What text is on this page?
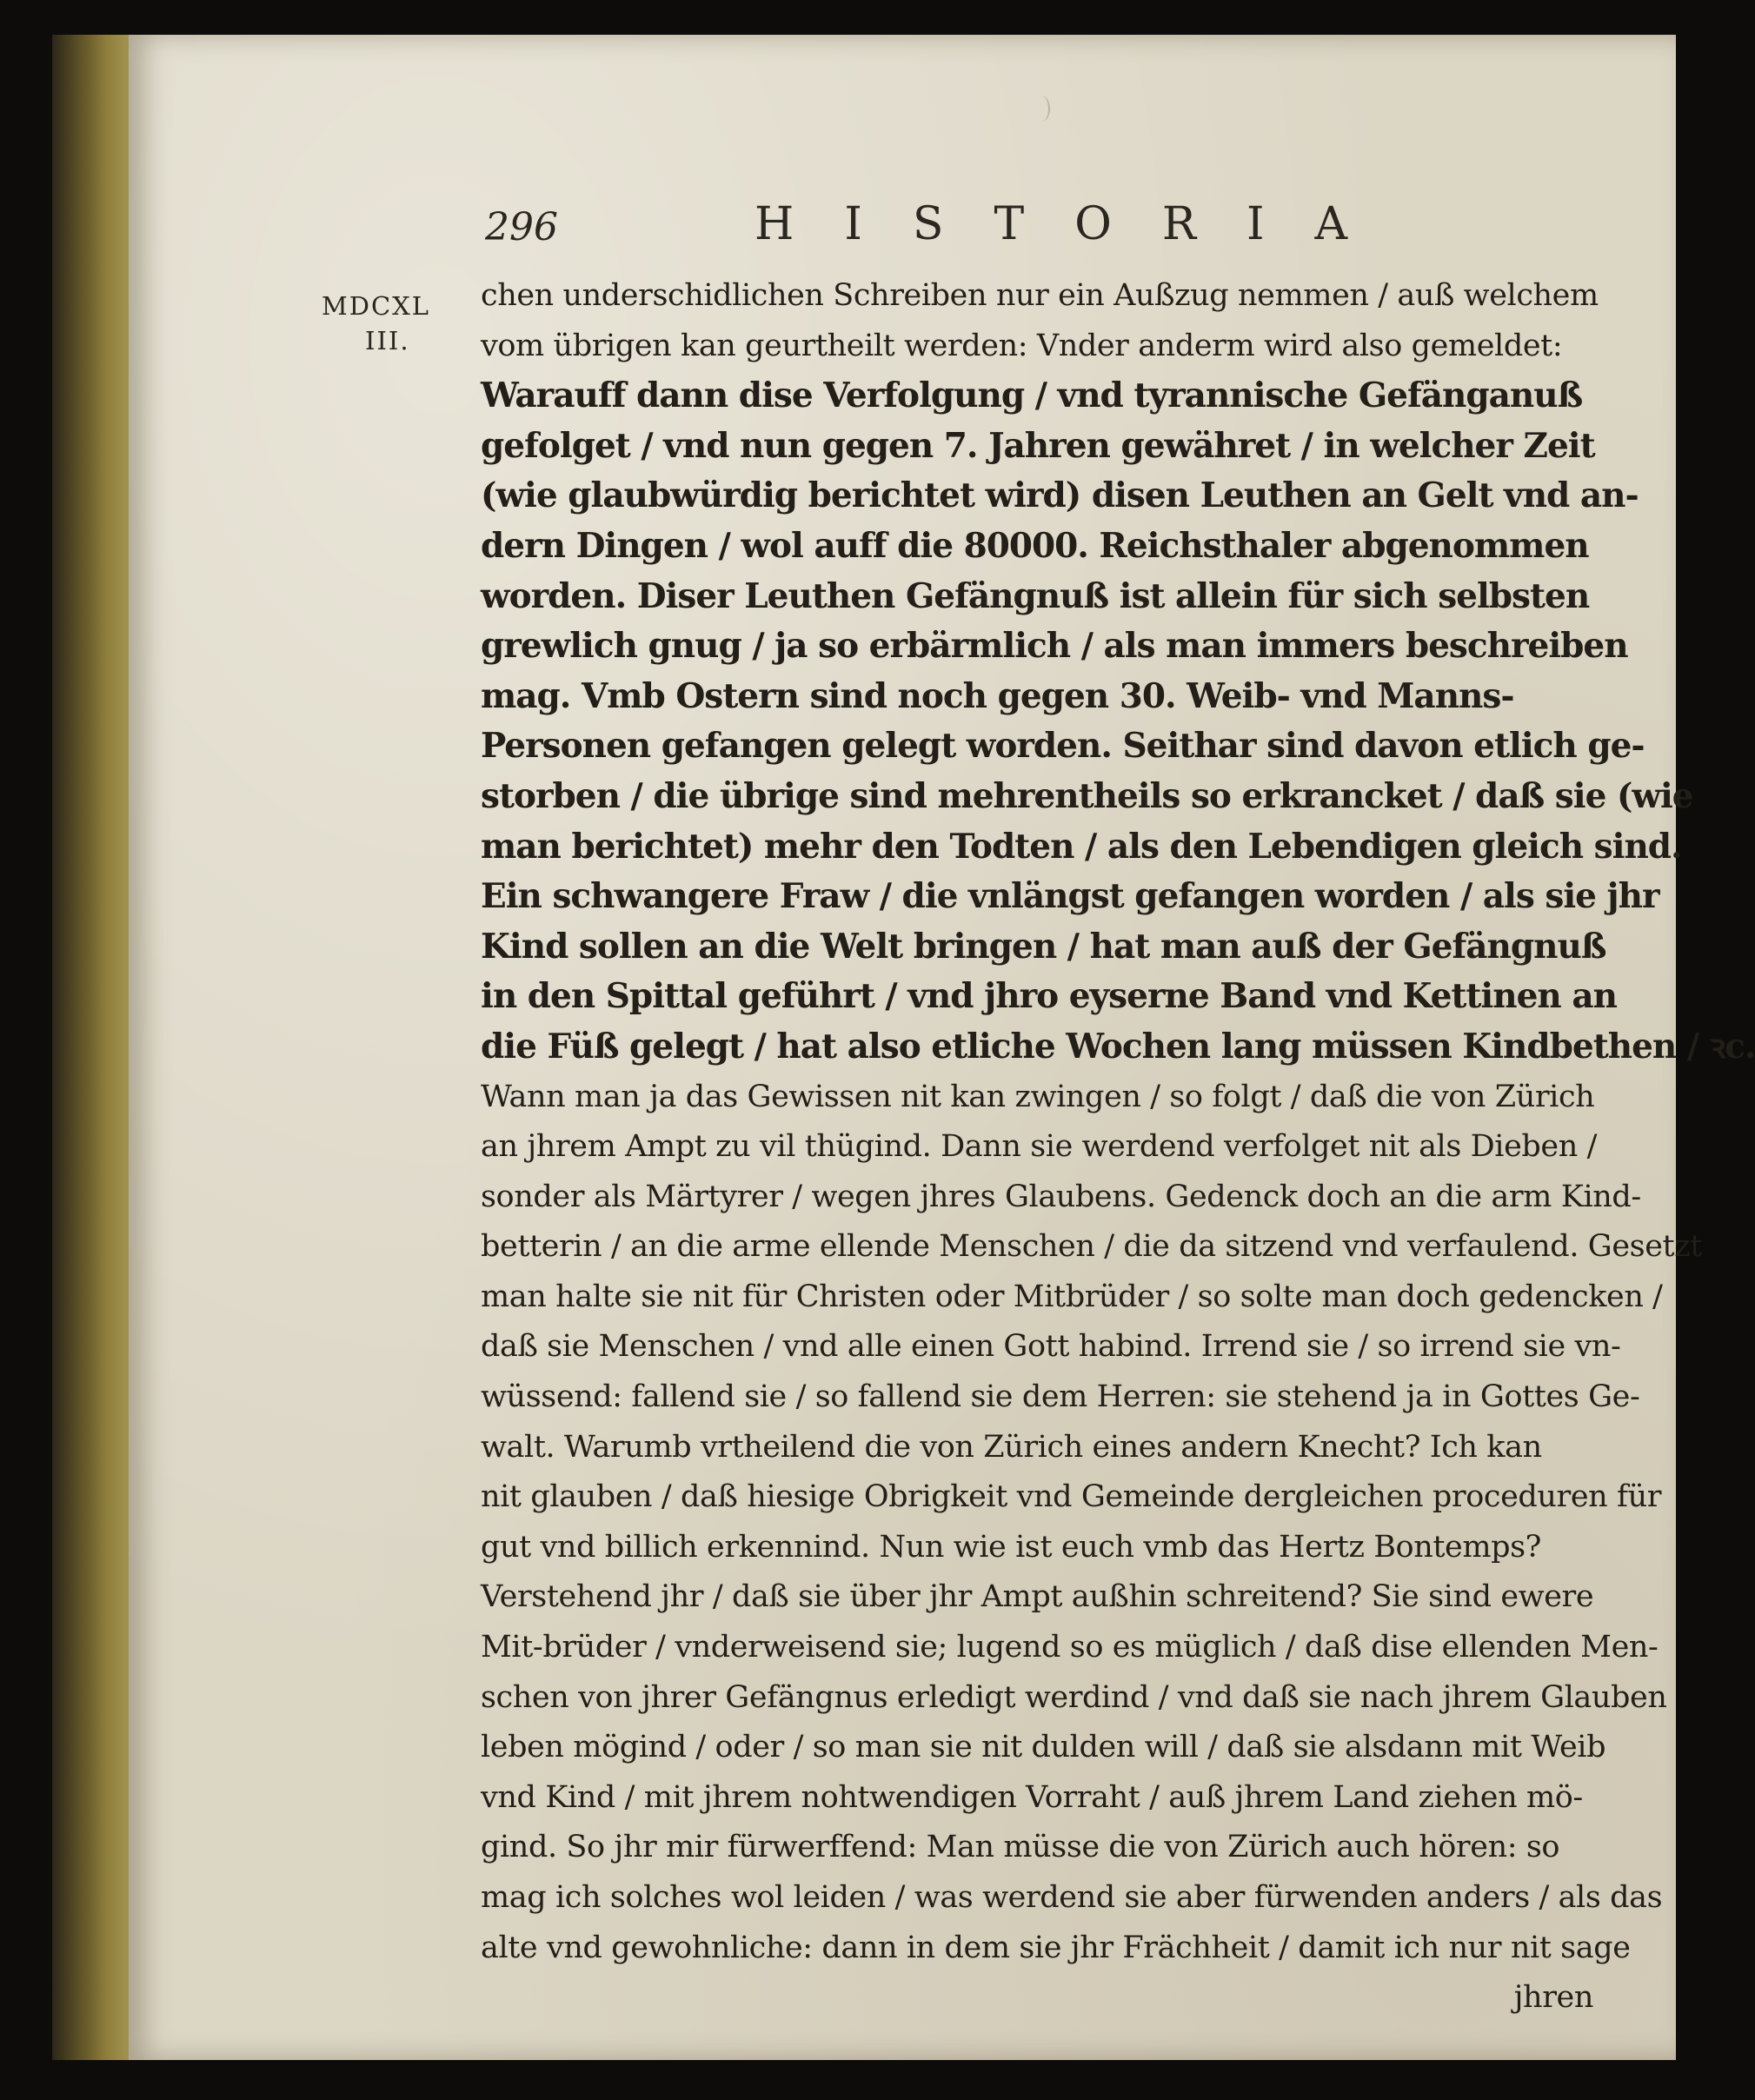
296	HISTORIA
MDCXL
III.
chen underschidlichen Schreiben nur ein Außzug nemmen / auß welchem
vom übrigen kan geurtheilt werden: Vnder anderm wird also gemeldet:
Warauff dann dise Verfolgung / vnd tyrannische Gefänganuß
gefolget / vnd nun gegen 7. Jahren gewähret / in welcher Zeit
(wie glaubwürdig berichtet wird) disen Leuthen an Gelt vnd an-
dern Dingen / wol auff die 80000. Reichsthaler abgenommen
worden. Diser Leuthen Gefängnuß ist allein für sich selbsten
grewlich gnug / ja so erbärmlich / als man immers beschreiben
mag. Vmb Ostern sind noch gegen 30. Weib- vnd Manns-
Personen gefangen gelegt worden. Seithar sind davon etlich ge-
storben / die übrige sind mehrentheils so erkrancket / daß sie (wie
man berichtet) mehr den Todten / als den Lebendigen gleich sind.
Ein schwangere Fraw / die vnlängst gefangen worden / als sie jhr
Kind sollen an die Welt bringen / hat man auß der Gefängnuß
in den Spittal geführt / vnd jhro eyserne Band vnd Kettinen an
die Füß gelegt / hat also etliche Wochen lang müssen Kindbethen / ꝛc.
Wann man ja das Gewissen nit kan zwingen / so folgt / daß die von Zürich
an jhrem Ampt zu vil thügind. Dann sie werdend verfolget nit als Dieben /
sonder als Märtyrer / wegen jhres Glaubens. Gedenck doch an die arm Kind-
betterin / an die arme ellende Menschen / die da sitzend vnd verfaulend. Gesetzt
man halte sie nit für Christen oder Mitbrüder / so solte man doch gedencken /
daß sie Menschen / vnd alle einen Gott habind. Irrend sie / so irrend sie vn-
wüssend: fallend sie / so fallend sie dem Herren: sie stehend ja in Gottes Ge-
walt. Warumb vrtheilend die von Zürich eines andern Knecht? Ich kan
nit glauben / daß hiesige Obrigkeit vnd Gemeinde dergleichen proceduren für
gut vnd billich erkennind. Nun wie ist euch vmb das Hertz Bontemps?
Verstehend jhr / daß sie über jhr Ampt außhin schreitend? Sie sind ewere
Mit-brüder / vnderweisend sie; lugend so es müglich / daß dise ellenden Men-
schen von jhrer Gefängnus erledigt werdind / vnd daß sie nach jhrem Glauben
leben mögind / oder / so man sie nit dulden will / daß sie alsdann mit Weib
vnd Kind / mit jhrem nohtwendigen Vorraht / auß jhrem Land ziehen mö-
gind. So jhr mir fürwerffend: Man müsse die von Zürich auch hören: so
mag ich solches wol leiden / was werdend sie aber fürwenden anders / als das
alte vnd gewohnliche: dann in dem sie jhr Frächheit / damit ich nur nit sage
jhren
